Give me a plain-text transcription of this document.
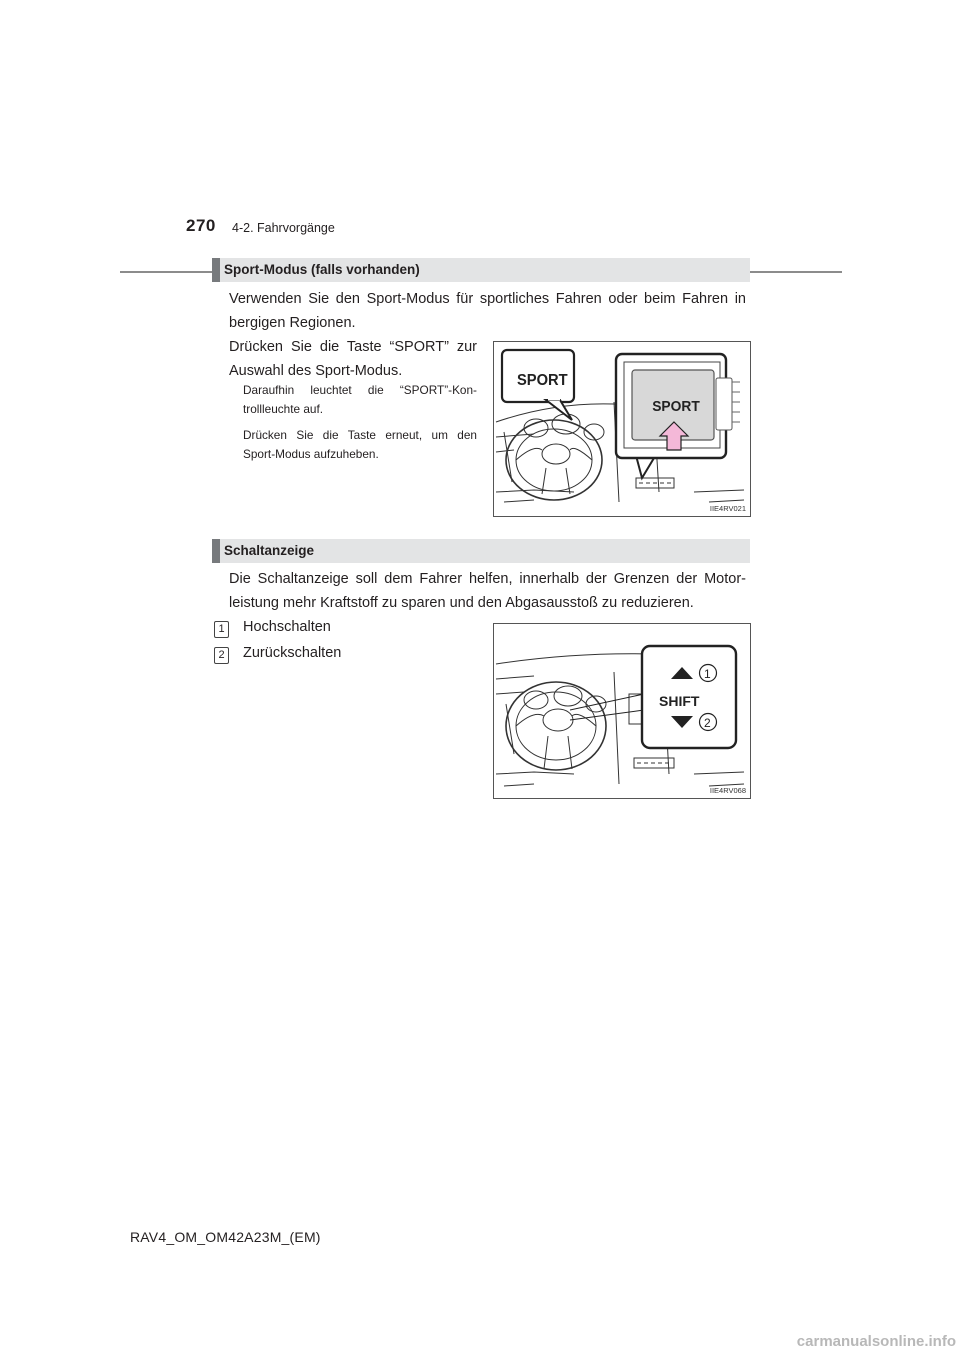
270 4-2. Fahrvorgänge
Sport-Modus (falls vorhanden)
Verwenden Sie den Sport-Modus für sportliches Fahren oder beim Fahren in
bergigen Regionen.
Drücken Sie die Taste “SPORT” zur
Auswahl des Sport-Modus.
Daraufhin leuchtet die “SPORT”-Kon-
trollleuchte auf.
Drücken Sie die Taste erneut, um den
Sport-Modus aufzuheben.
SPORT
SPORT
IIE4RV021
Schaltanzeige
Die Schaltanzeige soll dem Fahrer helfen, innerhalb der Grenzen der Motor-
leistung mehr Kraftstoff zu sparen und den Abgasausstoß zu reduzieren.
1	Hochschalten
2	Zurückschalten
SHIFT
1
2
IIE4RV068
RAV4_OM_OM42A23M_(EM)
carmanualsonline.info
